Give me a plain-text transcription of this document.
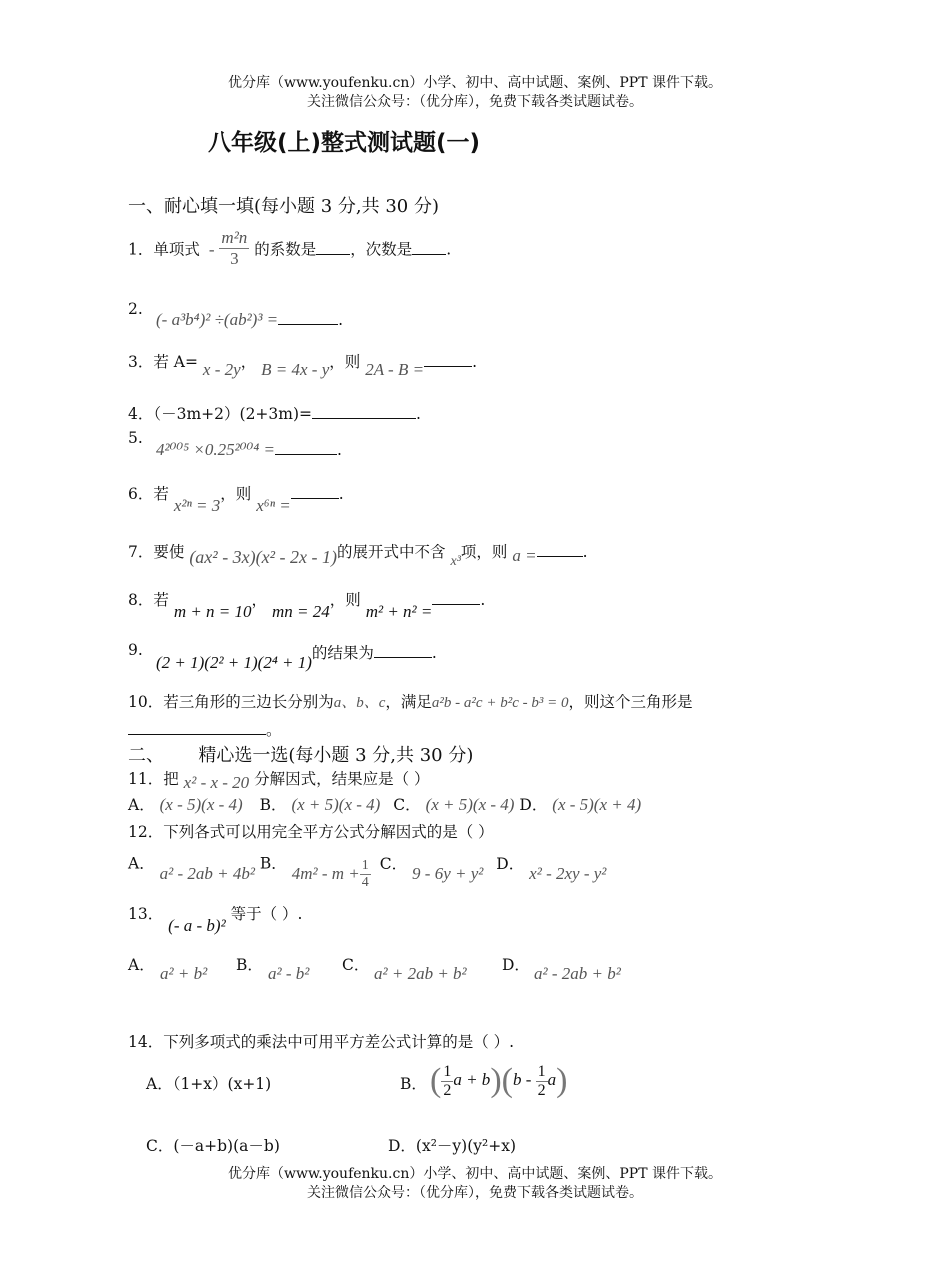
优分库（www.youfenku.cn）小学、初中、高中试题、案例、PPT 课件下载。
关注微信公众号：（优分库），免费下载各类试题试卷。
八年级(上)整式测试题(一)
一、耐心填一填(每小题 3 分,共 30 分)
1．单项式 - $\frac{\text{m²n}}{3}$ 的系数是 ，次数是 .
2.
(- a³b⁴)² ÷(ab²)³ =	.
3．若 A= x - 2y， B = 4x - y，则 2A - B =	.
4．（－3m+2）(2+3m)=	.
5.
4²⁰⁰⁵ ×0.25²⁰⁰⁴ =	.
6．若 x²ⁿ = 3，则 x⁶ⁿ =.
7．要使 (ax² - 3x)(x² - 2x - 1)的展开式中不含 x³项，则 a =	.
8．若 m + n = 10， mn = 24，则 m² + n² =.
9.
(2 + 1)(2² + 1)(2⁴ + 1)的结果为	.
10．若三角形的三边长分别为a、b、c，满足a²b - a²c + b²c - b³ = 0，则这个三角形是
。
二、      精心选一选(每小题 3 分,共 30 分)
11．把 x² - x - 20 分解因式，结果应是（ ）
A． (x - 5)(x - 4) B． (x + 5)(x - 4) C． (x + 5)(x - 4) D． (x - 5)(x + 4)
12．下列各式可以用完全平方公式分解因式的是（ ）
A． a² - 2ab + 4b² B． $4m^2 - m + \frac{1}{4}$ C． 9 - 6y + y² D． x² - 2xy - y²
13． (- a - b)² 等于（ ）.
A． a² + b² B． a² - b² C． a² + 2ab + b² D． a² - 2ab + b²
14．下列多项式的乘法中可用平方差公式计算的是（ ）.
A．（1+x）(x+1)	B． ( $\frac{1}{2}$ $a + b)(b - \frac{1}{2} a)$
C．(－a+b)(a－b)	D．(x²－y)(y²+x)
优分库（www.youfenku.cn）小学、初中、高中试题、案例、PPT 课件下载。
关注微信公众号：（优分库），免费下载各类试题试卷。
